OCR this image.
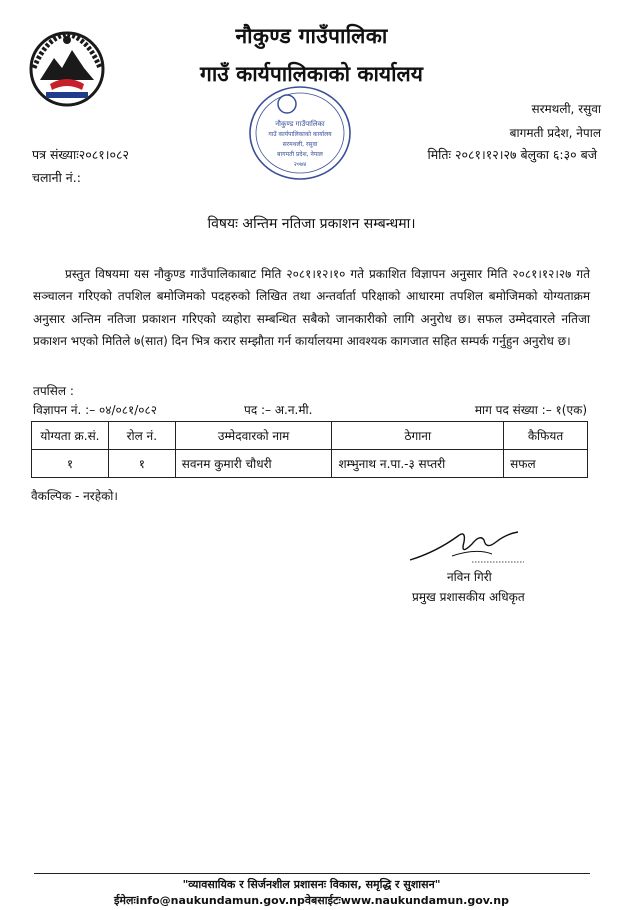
नौकुण्ड गाउँपालिका
गाउँ कार्यपालिकाको कार्यालय
सरमथली, रसुवा
बागमती प्रदेश, नेपाल
नौकुण्ड गाउँपालिका
गाउँ कार्यपालिकाको कार्यालय
सरमथली, रसुवा
बागमती प्रदेश, नेपाल
२०७४
पत्र संख्याः२०८१।०८२
चलानी नं.:
मितिः २०८१।१२।२७ बेलुका ६:३० बजे
विषयः अन्तिम नतिजा प्रकाशन सम्बन्धमा।

प्रस्तुत विषयमा यस नौकुण्ड गाउँपालिकाबाट मिति २०८१।१२।१० गते प्रकाशित विज्ञापन अनुसार मिति २०८१।१२।२७ गते सञ्चालन गरिएको तपशिल बमोजिमको पदहरुको लिखित तथा अन्तर्वार्ता परिक्षाको आधारमा तपशिल बमोजिमको योग्यताक्रम अनुसार अन्तिम नतिजा प्रकाशन गरिएको व्यहोरा सम्बन्धित सबैको जानकारीको लागि अनुरोध छ। सफल उम्मेदवारले नतिजा प्रकाशन भएको मितिले ७(सात) दिन भित्र करार सम्झौता गर्न कार्यालयमा आवश्यक कागजात सहित सम्पर्क गर्नुहुन अनुरोध छ।

तपसिल :
विज्ञापन नं. :– ०४/०८१/०८२	पद :– अ.न.मी.	माग पद संख्या :– १(एक)
योग्यता क्र.सं.	रोल नं.	उम्मेदवारको नाम	ठेगाना	कैफियत
१	१	सवनम कुमारी चौधरी	शम्भुनाथ न.पा.-३ सप्तरी	सफल
वैकल्पिक - नरहेको।
नविन गिरी
प्रमुख प्रशासकीय अधिकृत
"व्यावसायिक र सिर्जनशील प्रशासनः विकास, समृद्धि र सुशासन"
ईमेलःinfo@naukundamun.gov.npवेबसाईटःwww.naukundamun.gov.np
